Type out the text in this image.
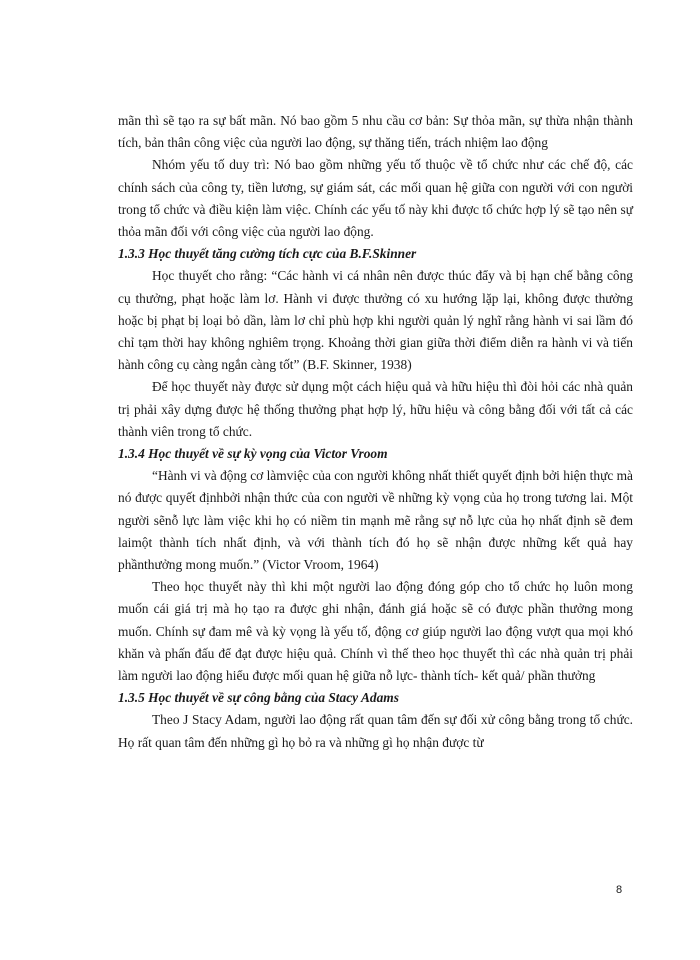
mãn thì sẽ tạo ra sự bất mãn. Nó bao gồm 5 nhu cầu cơ bản: Sự thỏa mãn, sự thừa nhận thành tích, bản thân công việc của người lao động, sự thăng tiến, trách nhiệm lao động

Nhóm yếu tố duy trì: Nó bao gồm những yếu tố thuộc về tổ chức như các chế độ, các chính sách của công ty, tiền lương, sự giám sát, các mối quan hệ giữa con người với con người trong tổ chức và điều kiện làm việc. Chính các yếu tố này khi được tổ chức hợp lý sẽ tạo nên sự thỏa mãn đối với công việc của người lao động.

1.3.3 Học thuyết tăng cường tích cực của B.F.Skinner

Học thuyết cho rằng: “Các hành vi cá nhân nên được thúc đẩy và bị hạn chế bằng công cụ thưởng, phạt hoặc làm lơ. Hành vi được thưởng có xu hướng lặp lại, không được thưởng hoặc bị phạt bị loại bỏ dần, làm lơ chỉ phù hợp khi người quản lý nghĩ rằng hành vi sai lầm đó chỉ tạm thời hay không nghiêm trọng. Khoảng thời gian giữa thời điểm diễn ra hành vi và tiến hành công cụ càng ngắn càng tốt” (B.F. Skinner, 1938)

Để học thuyết này được sử dụng một cách hiệu quả và hữu hiệu thì đòi hỏi các nhà quản trị phải xây dựng được hệ thống thưởng phạt hợp lý, hữu hiệu và công bằng đối với tất cả các thành viên trong tổ chức.

1.3.4 Học thuyết về sự kỳ vọng của Victor Vroom

“Hành vi và động cơ làmviệc của con người không nhất thiết quyết định bởi hiện thực mà nó được quyết địnhbởi nhận thức của con người về những kỳ vọng của họ trong tương lai. Một người sẽnỗ lực làm việc khi họ có niềm tin mạnh mẽ rằng sự nỗ lực của họ nhất định sẽ đem laimột thành tích nhất định, và với thành tích đó họ sẽ nhận được những kết quả hay phầnthưởng mong muốn.” (Victor Vroom, 1964)

Theo học thuyết này thì khi một người lao động đóng góp cho tổ chức họ luôn mong muốn cái giá trị mà họ tạo ra được ghi nhận, đánh giá hoặc sẽ có được phần thưởng mong muốn. Chính sự đam mê và kỳ vọng là yếu tố, động cơ giúp người lao động vượt qua mọi khó khăn và phấn đấu để đạt được hiệu quả. Chính vì thế theo học thuyết thì các nhà quản trị phải làm người lao động hiểu được mối quan hệ giữa nỗ lực- thành tích- kết quả/ phần thưởng

1.3.5 Học thuyết về sự công bằng của Stacy Adams

Theo J Stacy Adam, người lao động rất quan tâm đến sự đối xử công bằng trong tổ chức. Họ rất quan tâm đến những gì họ bỏ ra và những gì họ nhận được từ

8
